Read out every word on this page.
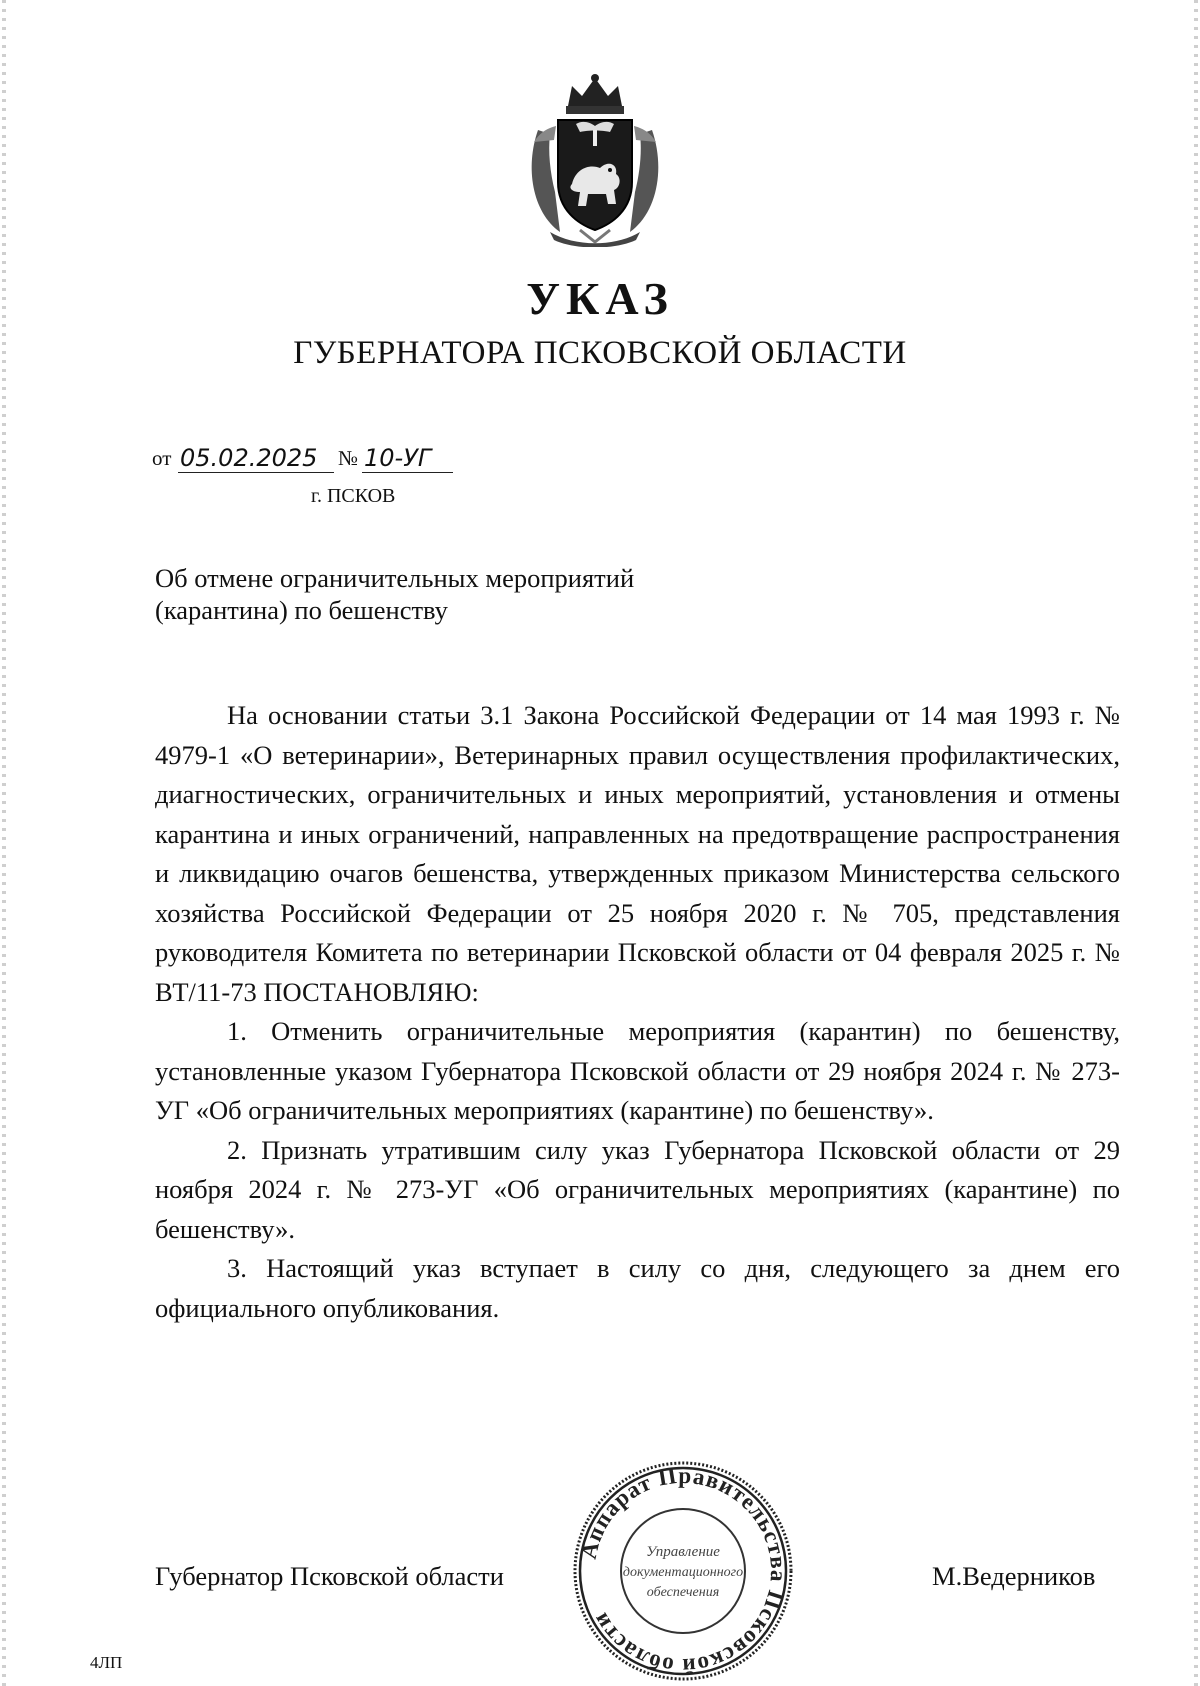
УКАЗ
ГУБЕРНАТОРА ПСКОВСКОЙ ОБЛАСТИ
от 05.02.2025 № 10-УГ
г. ПСКОВ
Об отмене ограничительных мероприятий
(карантина) по бешенству

На основании статьи 3.1 Закона Российской Федерации от 14 мая 1993 г. № 4979-1 «О ветеринарии», Ветеринарных правил осуществления профилактических, диагностических, ограничительных и иных мероприятий, установления и отмены карантина и иных ограничений, направленных на предотвращение распространения и ликвидацию очагов бешенства, утвержденных приказом Министерства сельского хозяйства Российской Федерации от 25 ноября 2020 г. № 705, представления руководителя Комитета по ветеринарии Псковской области от 04 февраля 2025 г. № ВТ/11-73 ПОСТАНОВЛЯЮ:

1. Отменить ограничительные мероприятия (карантин) по бешенству, установленные указом Губернатора Псковской области от 29 ноября 2024 г. № 273-УГ «Об ограничительных мероприятиях (карантине) по бешенству».

2. Признать утратившим силу указ Губернатора Псковской области от 29 ноября 2024 г. № 273-УГ «Об ограничительных мероприятиях (карантине) по бешенству».

3. Настоящий указ вступает в силу со дня, следующего за днем его официального опубликования.

Губернатор Псковской области	М.Ведерников
Аппарат Правительства Псковской области
Управление
документационного
обеспечения
4ЛП
